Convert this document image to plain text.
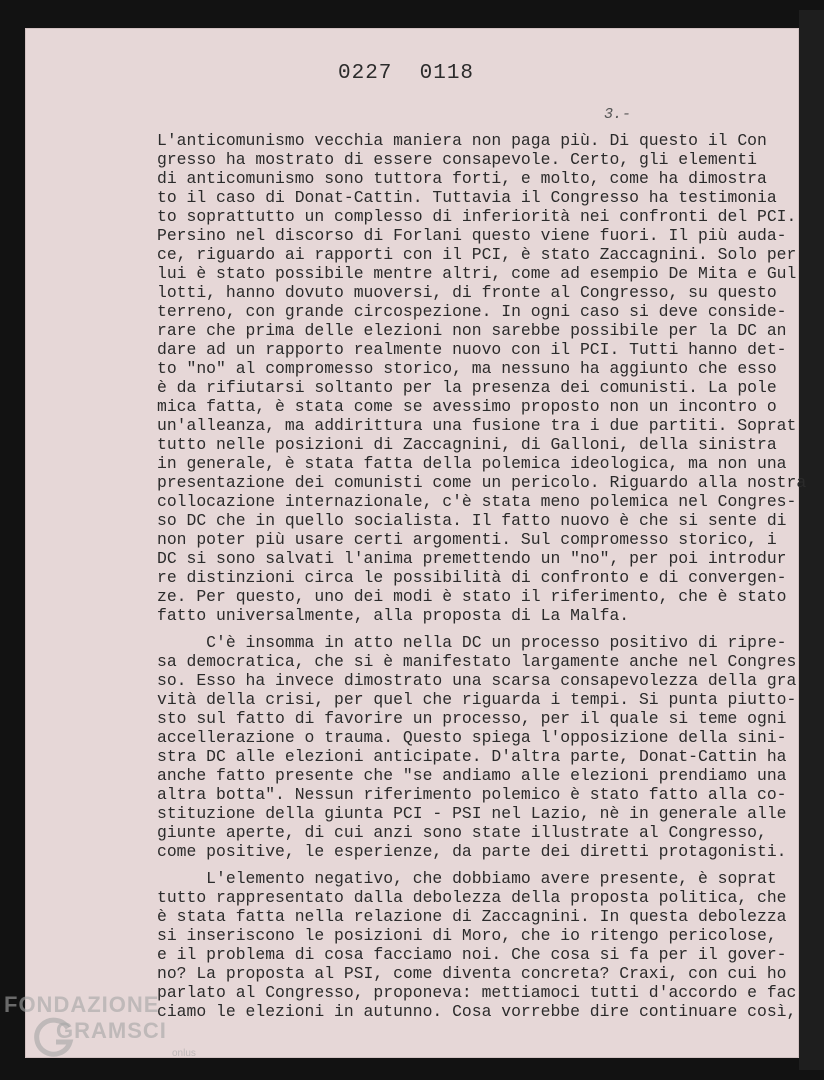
0227  0118
3.-
L'anticomunismo vecchia maniera non paga più. Di questo il Con
gresso ha mostrato di essere consapevole. Certo, gli elementi
di anticomunismo sono tuttora forti, e molto, come ha dimostra
to il caso di Donat-Cattin. Tuttavia il Congresso ha testimonia
to soprattutto un complesso di inferiorità nei confronti del PCI.
Persino nel discorso di Forlani questo viene fuori. Il più auda-
ce, riguardo ai rapporti con il PCI, è stato Zaccagnini. Solo per
lui è stato possibile mentre altri, come ad esempio De Mita e Gul
lotti, hanno dovuto muoversi, di fronte al Congresso, su questo
terreno, con grande circospezione. In ogni caso si deve conside-
rare che prima delle elezioni non sarebbe possibile per la DC an
dare ad un rapporto realmente nuovo con il PCI. Tutti hanno det-
to "no" al compromesso storico, ma nessuno ha aggiunto che esso
è da rifiutarsi soltanto per la presenza dei comunisti. La pole
mica fatta, è stata come se avessimo proposto non un incontro o
un'alleanza, ma addirittura una fusione tra i due partiti. Soprat
tutto nelle posizioni di Zaccagnini, di Galloni, della sinistra
in generale, è stata fatta della polemica ideologica, ma non una
presentazione dei comunisti come un pericolo. Riguardo alla nostra
collocazione internazionale, c'è stata meno polemica nel Congres-
so DC che in quello socialista. Il fatto nuovo è che si sente di
non poter più usare certi argomenti. Sul compromesso storico, i
DC si sono salvati l'anima premettendo un "no", per poi introdur
re distinzioni circa le possibilità di confronto e di convergen-
ze. Per questo, uno dei modi è stato il riferimento, che è stato
fatto universalmente, alla proposta di La Malfa.
C'è insomma in atto nella DC un processo positivo di ripre-
sa democratica, che si è manifestato largamente anche nel Congres
so. Esso ha invece dimostrato una scarsa consapevolezza della gra
vità della crisi, per quel che riguarda i tempi. Si punta piutto-
sto sul fatto di favorire un processo, per il quale si teme ogni
accellerazione o trauma. Questo spiega l'opposizione della sini-
stra DC alle elezioni anticipate. D'altra parte, Donat-Cattin ha
anche fatto presente che "se andiamo alle elezioni prendiamo una
altra botta". Nessun riferimento polemico è stato fatto alla co-
stituzione della giunta PCI - PSI nel Lazio, nè in generale alle
giunte aperte, di cui anzi sono state illustrate al Congresso,
come positive, le esperienze, da parte dei diretti protagonisti.
L'elemento negativo, che dobbiamo avere presente, è soprat
tutto rappresentato dalla debolezza della proposta politica, che
è stata fatta nella relazione di Zaccagnini. In questa debolezza
si inseriscono le posizioni di Moro, che io ritengo pericolose,
e il problema di cosa facciamo noi. Che cosa si fa per il gover-
no? La proposta al PSI, come diventa concreta? Craxi, con cui ho
parlato al Congresso, proponeva: mettiamoci tutti d'accordo e fac
ciamo le elezioni in autunno. Cosa vorrebbe dire continuare così,
FONDAZIONE
GRAMSCI
onlus
